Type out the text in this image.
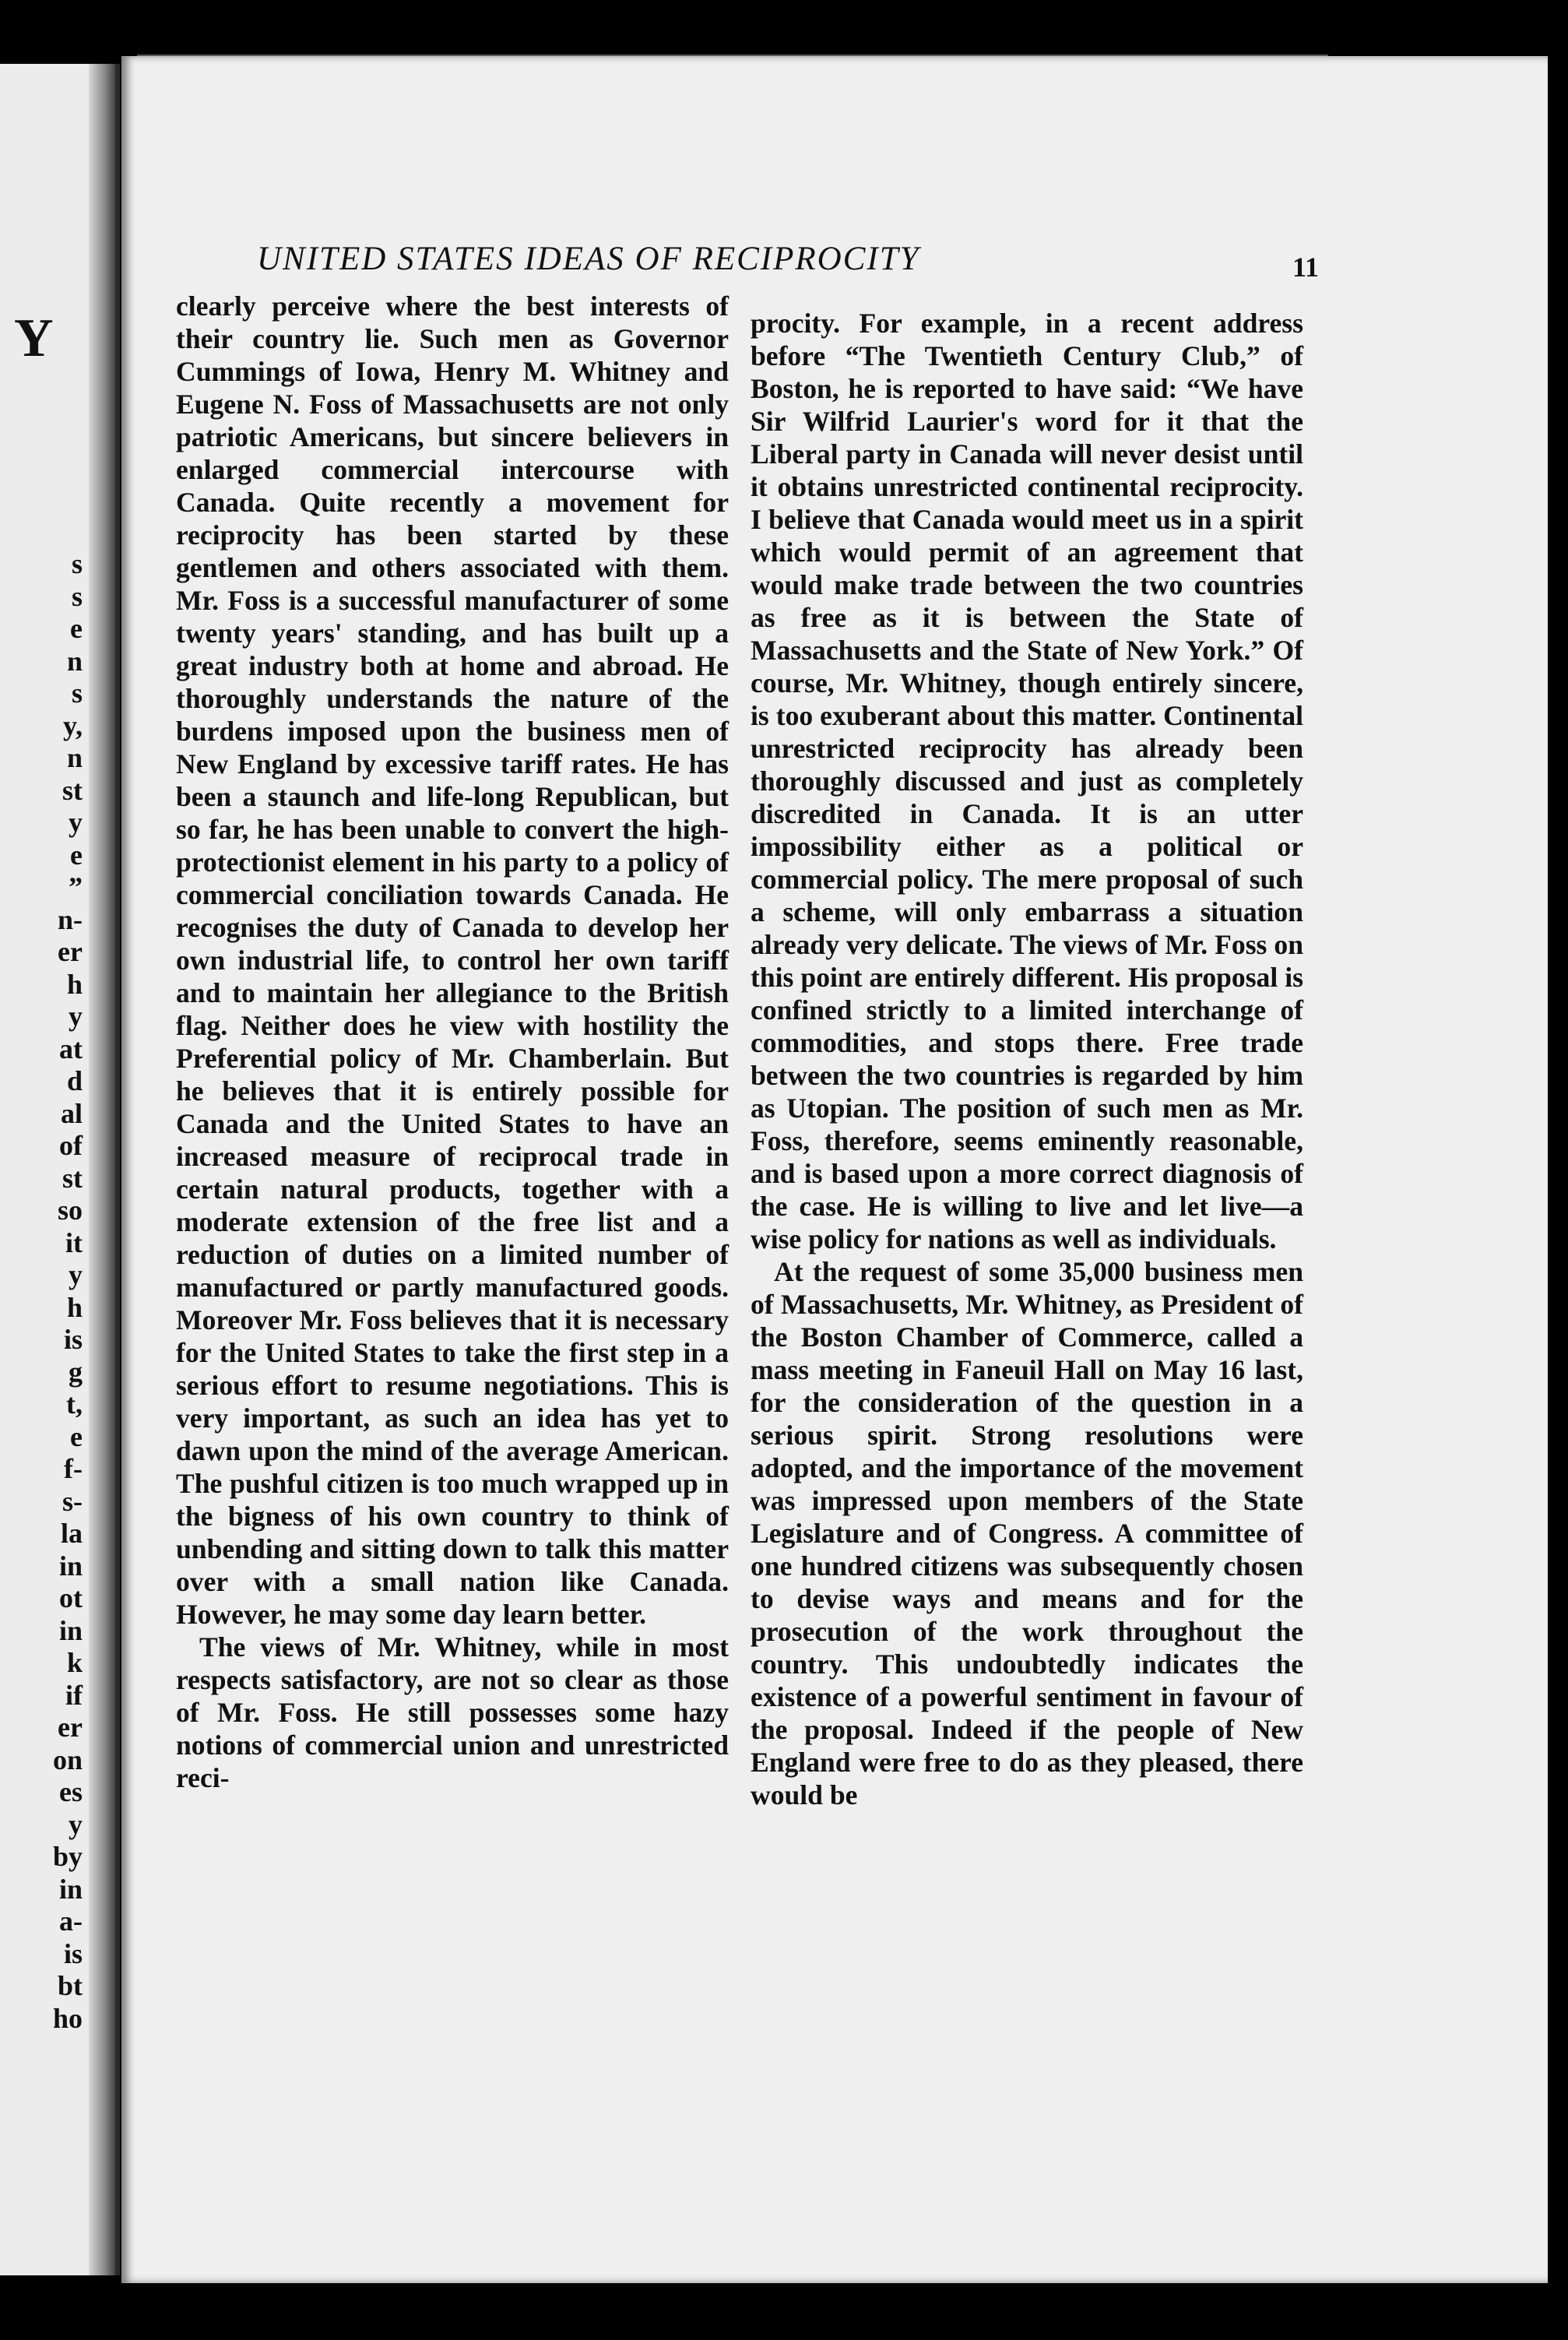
Y
s
s
e
n
s
y,
n
st
y
e
”
n-
er
h
y
at
d
al
of
st
so
it
y
h
is
g
t,
e
f-
s-
la
in
ot
in
k
if
er
on
es
y
by
in
a-
is
bt
ho
UNITED STATES IDEAS OF RECIPROCITY	11

clearly perceive where the best interests of their country lie. Such men as Governor Cummings of Iowa, Henry M. Whitney and Eugene N. Foss of Massachusetts are not only patriotic Americans, but sincere believers in enlarged commercial intercourse with Canada. Quite recently a movement for reciprocity has been started by these gentlemen and others associated with them. Mr. Foss is a successful manufacturer of some twenty years' standing, and has built up a great industry both at home and abroad. He thoroughly understands the nature of the burdens imposed upon the business men of New England by excessive tariff rates. He has been a staunch and life-long Republican, but so far, he has been unable to convert the high-protectionist element in his party to a policy of commercial conciliation towards Canada. He recognises the duty of Canada to develop her own industrial life, to control her own tariff and to maintain her allegiance to the British flag. Neither does he view with hostility the Preferential policy of Mr. Chamberlain. But he believes that it is entirely possible for Canada and the United States to have an increased measure of reciprocal trade in certain natural products, together with a moderate extension of the free list and a reduction of duties on a limited number of manufactured or partly manufactured goods. Moreover Mr. Foss believes that it is necessary for the United States to take the first step in a serious effort to resume negotiations. This is very important, as such an idea has yet to dawn upon the mind of the average American. The pushful citizen is too much wrapped up in the bigness of his own country to think of unbending and sitting down to talk this matter over with a small nation like Canada. However, he may some day learn better.

The views of Mr. Whitney, while in most respects satisfactory, are not so clear as those of Mr. Foss. He still possesses some hazy notions of commercial union and unrestricted reci-

procity. For example, in a recent address before “The Twentieth Century Club,” of Boston, he is reported to have said: “We have Sir Wilfrid Laurier's word for it that the Liberal party in Canada will never desist until it obtains unrestricted continental reciprocity. I believe that Canada would meet us in a spirit which would permit of an agreement that would make trade between the two countries as free as it is between the State of Massachusetts and the State of New York.” Of course, Mr. Whitney, though entirely sincere, is too exuberant about this matter. Continental unrestricted reciprocity has already been thoroughly discussed and just as completely discredited in Canada. It is an utter impossibility either as a political or commercial policy. The mere proposal of such a scheme, will only embarrass a situation already very delicate. The views of Mr. Foss on this point are entirely different. His proposal is confined strictly to a limited interchange of commodities, and stops there. Free trade between the two countries is regarded by him as Utopian. The position of such men as Mr. Foss, therefore, seems eminently reasonable, and is based upon a more correct diagnosis of the case. He is willing to live and let live—a wise policy for nations as well as individuals.

At the request of some 35,000 business men of Massachusetts, Mr. Whitney, as President of the Boston Chamber of Commerce, called a mass meeting in Faneuil Hall on May 16 last, for the consideration of the question in a serious spirit. Strong resolutions were adopted, and the importance of the movement was impressed upon members of the State Legislature and of Congress. A committee of one hundred citizens was subsequently chosen to devise ways and means and for the prosecution of the work throughout the country. This undoubtedly indicates the existence of a powerful sentiment in favour of the proposal. Indeed if the people of New England were free to do as they pleased, there would be
